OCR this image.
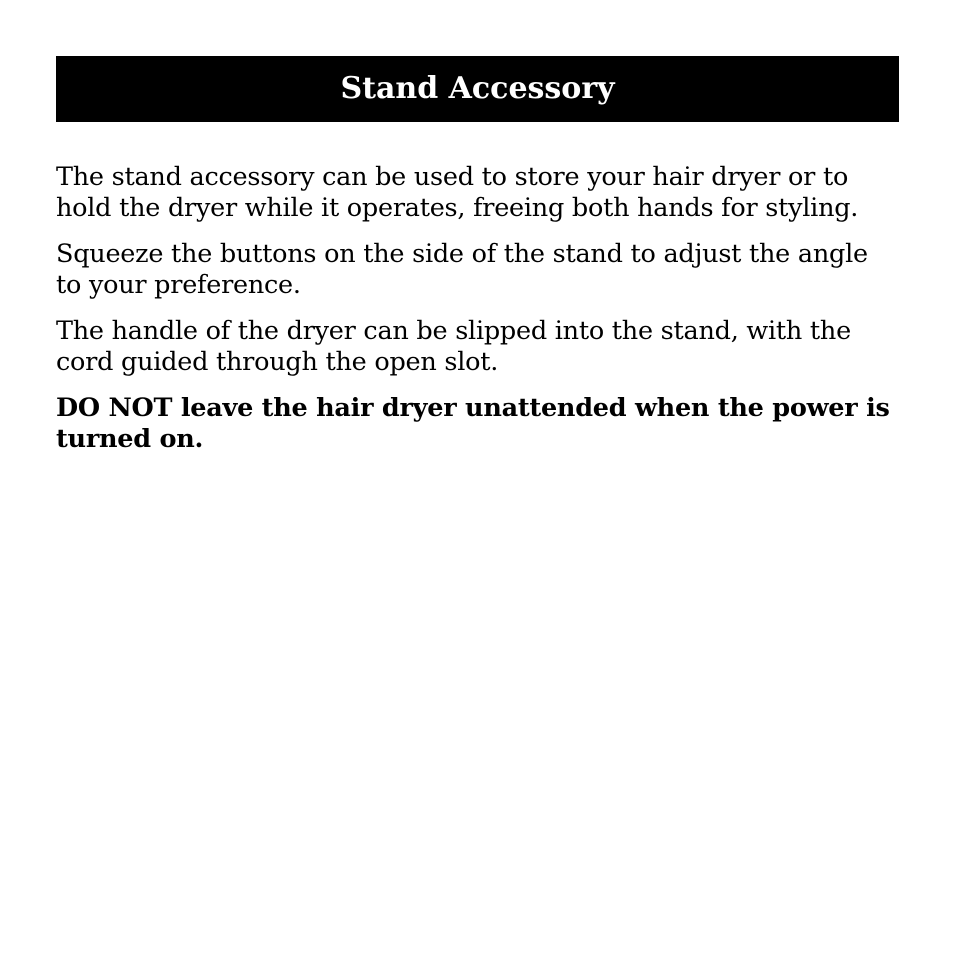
Stand Accessory

The stand accessory can be used to store your hair dryer or to hold the dryer while it operates, freeing both hands for styling.

Squeeze the buttons on the side of the stand to adjust the angle to your preference.

The handle of the dryer can be slipped into the stand, with the cord guided through the open slot.

DO NOT leave the hair dryer unattended when the power is turned on.
